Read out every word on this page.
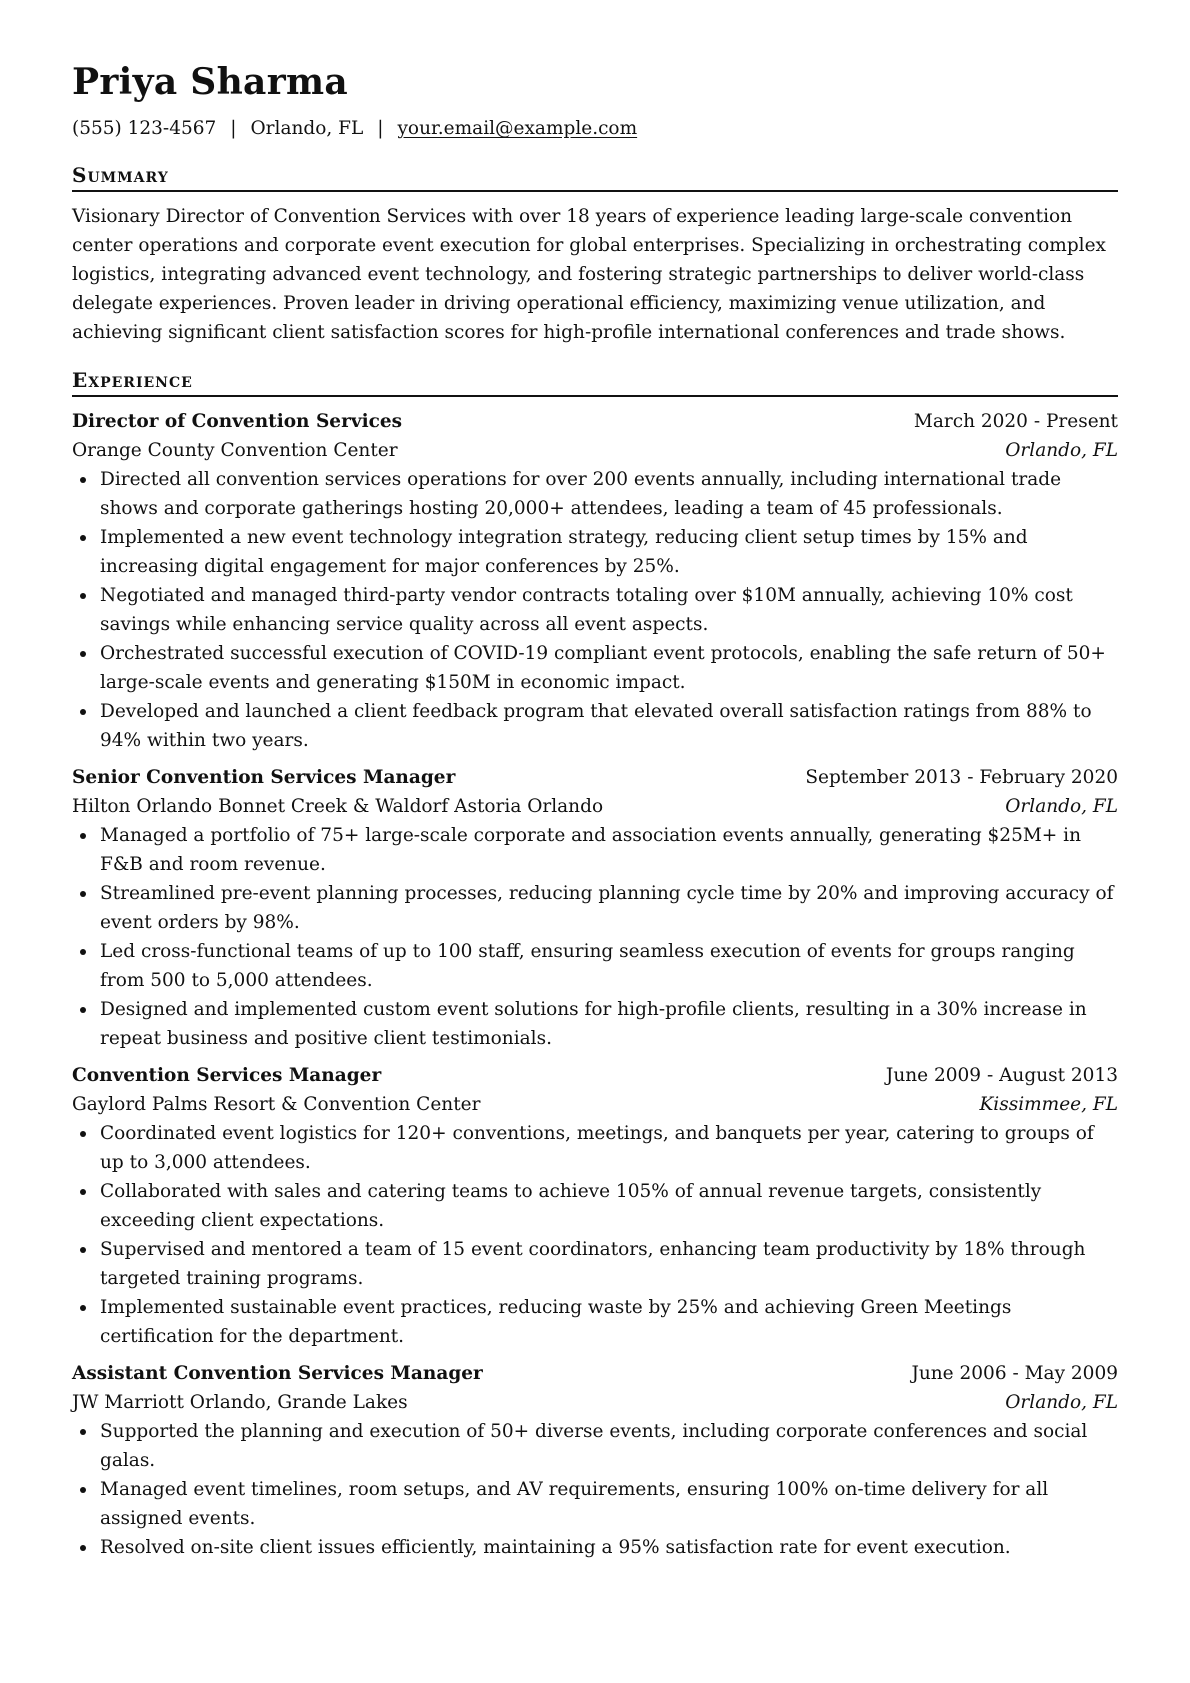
Priya Sharma
(555) 123-4567 | Orlando, FL | your.email@example.com
Summary
Visionary Director of Convention Services with over 18 years of experience leading large-scale convention center operations and corporate event execution for global enterprises. Specializing in orchestrating complex logistics, integrating advanced event technology, and fostering strategic partnerships to deliver world-class delegate experiences. Proven leader in driving operational efficiency, maximizing venue utilization, and achieving significant client satisfaction scores for high-profile international conferences and trade shows.
Experience
Director of Convention Services	March 2020 - Present
Orange County Convention Center	Orlando, FL
Directed all convention services operations for over 200 events annually, including international trade shows and corporate gatherings hosting 20,000+ attendees, leading a team of 45 professionals.
Implemented a new event technology integration strategy, reducing client setup times by 15% and increasing digital engagement for major conferences by 25%.
Negotiated and managed third-party vendor contracts totaling over $10M annually, achieving 10% cost savings while enhancing service quality across all event aspects.
Orchestrated successful execution of COVID-19 compliant event protocols, enabling the safe return of 50+ large-scale events and generating $150M in economic impact.
Developed and launched a client feedback program that elevated overall satisfaction ratings from 88% to 94% within two years.
Senior Convention Services Manager	September 2013 - February 2020
Hilton Orlando Bonnet Creek & Waldorf Astoria Orlando	Orlando, FL
Managed a portfolio of 75+ large-scale corporate and association events annually, generating $25M+ in F&B and room revenue.
Streamlined pre-event planning processes, reducing planning cycle time by 20% and improving accuracy of event orders by 98%.
Led cross-functional teams of up to 100 staff, ensuring seamless execution of events for groups ranging from 500 to 5,000 attendees.
Designed and implemented custom event solutions for high-profile clients, resulting in a 30% increase in repeat business and positive client testimonials.
Convention Services Manager	June 2009 - August 2013
Gaylord Palms Resort & Convention Center	Kissimmee, FL
Coordinated event logistics for 120+ conventions, meetings, and banquets per year, catering to groups of up to 3,000 attendees.
Collaborated with sales and catering teams to achieve 105% of annual revenue targets, consistently exceeding client expectations.
Supervised and mentored a team of 15 event coordinators, enhancing team productivity by 18% through targeted training programs.
Implemented sustainable event practices, reducing waste by 25% and achieving Green Meetings certification for the department.
Assistant Convention Services Manager	June 2006 - May 2009
JW Marriott Orlando, Grande Lakes	Orlando, FL
Supported the planning and execution of 50+ diverse events, including corporate conferences and social galas.
Managed event timelines, room setups, and AV requirements, ensuring 100% on-time delivery for all assigned events.
Resolved on-site client issues efficiently, maintaining a 95% satisfaction rate for event execution.
